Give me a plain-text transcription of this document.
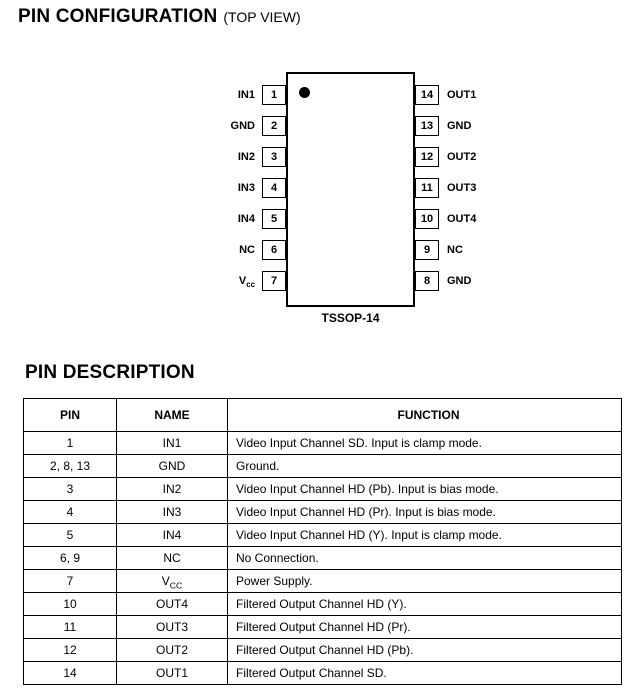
PIN CONFIGURATION (TOP VIEW)
IN1	1
GND	2
IN2	3
IN3	4
IN4	5
NC	6
$V_{cc}$	7
14	OUT1
13	GND
12	OUT2
11	OUT3
10	OUT4
9	NC
8	GND
TSSOP-14
PIN DESCRIPTION
PIN	NAME	FUNCTION
1	IN1	Video Input Channel SD. Input is clamp mode.
2, 8, 13	GND	Ground.
3	IN2	Video Input Channel HD (Pb). Input is bias mode.
4	IN3	Video Input Channel HD (Pr). Input is bias mode.
5	IN4	Video Input Channel HD (Y). Input is clamp mode.
6, 9	NC	No Connection.
7	$V_{CC}$	Power Supply.
10	OUT4	Filtered Output Channel HD (Y).
11	OUT3	Filtered Output Channel HD (Pr).
12	OUT2	Filtered Output Channel HD (Pb).
14	OUT1	Filtered Output Channel SD.
